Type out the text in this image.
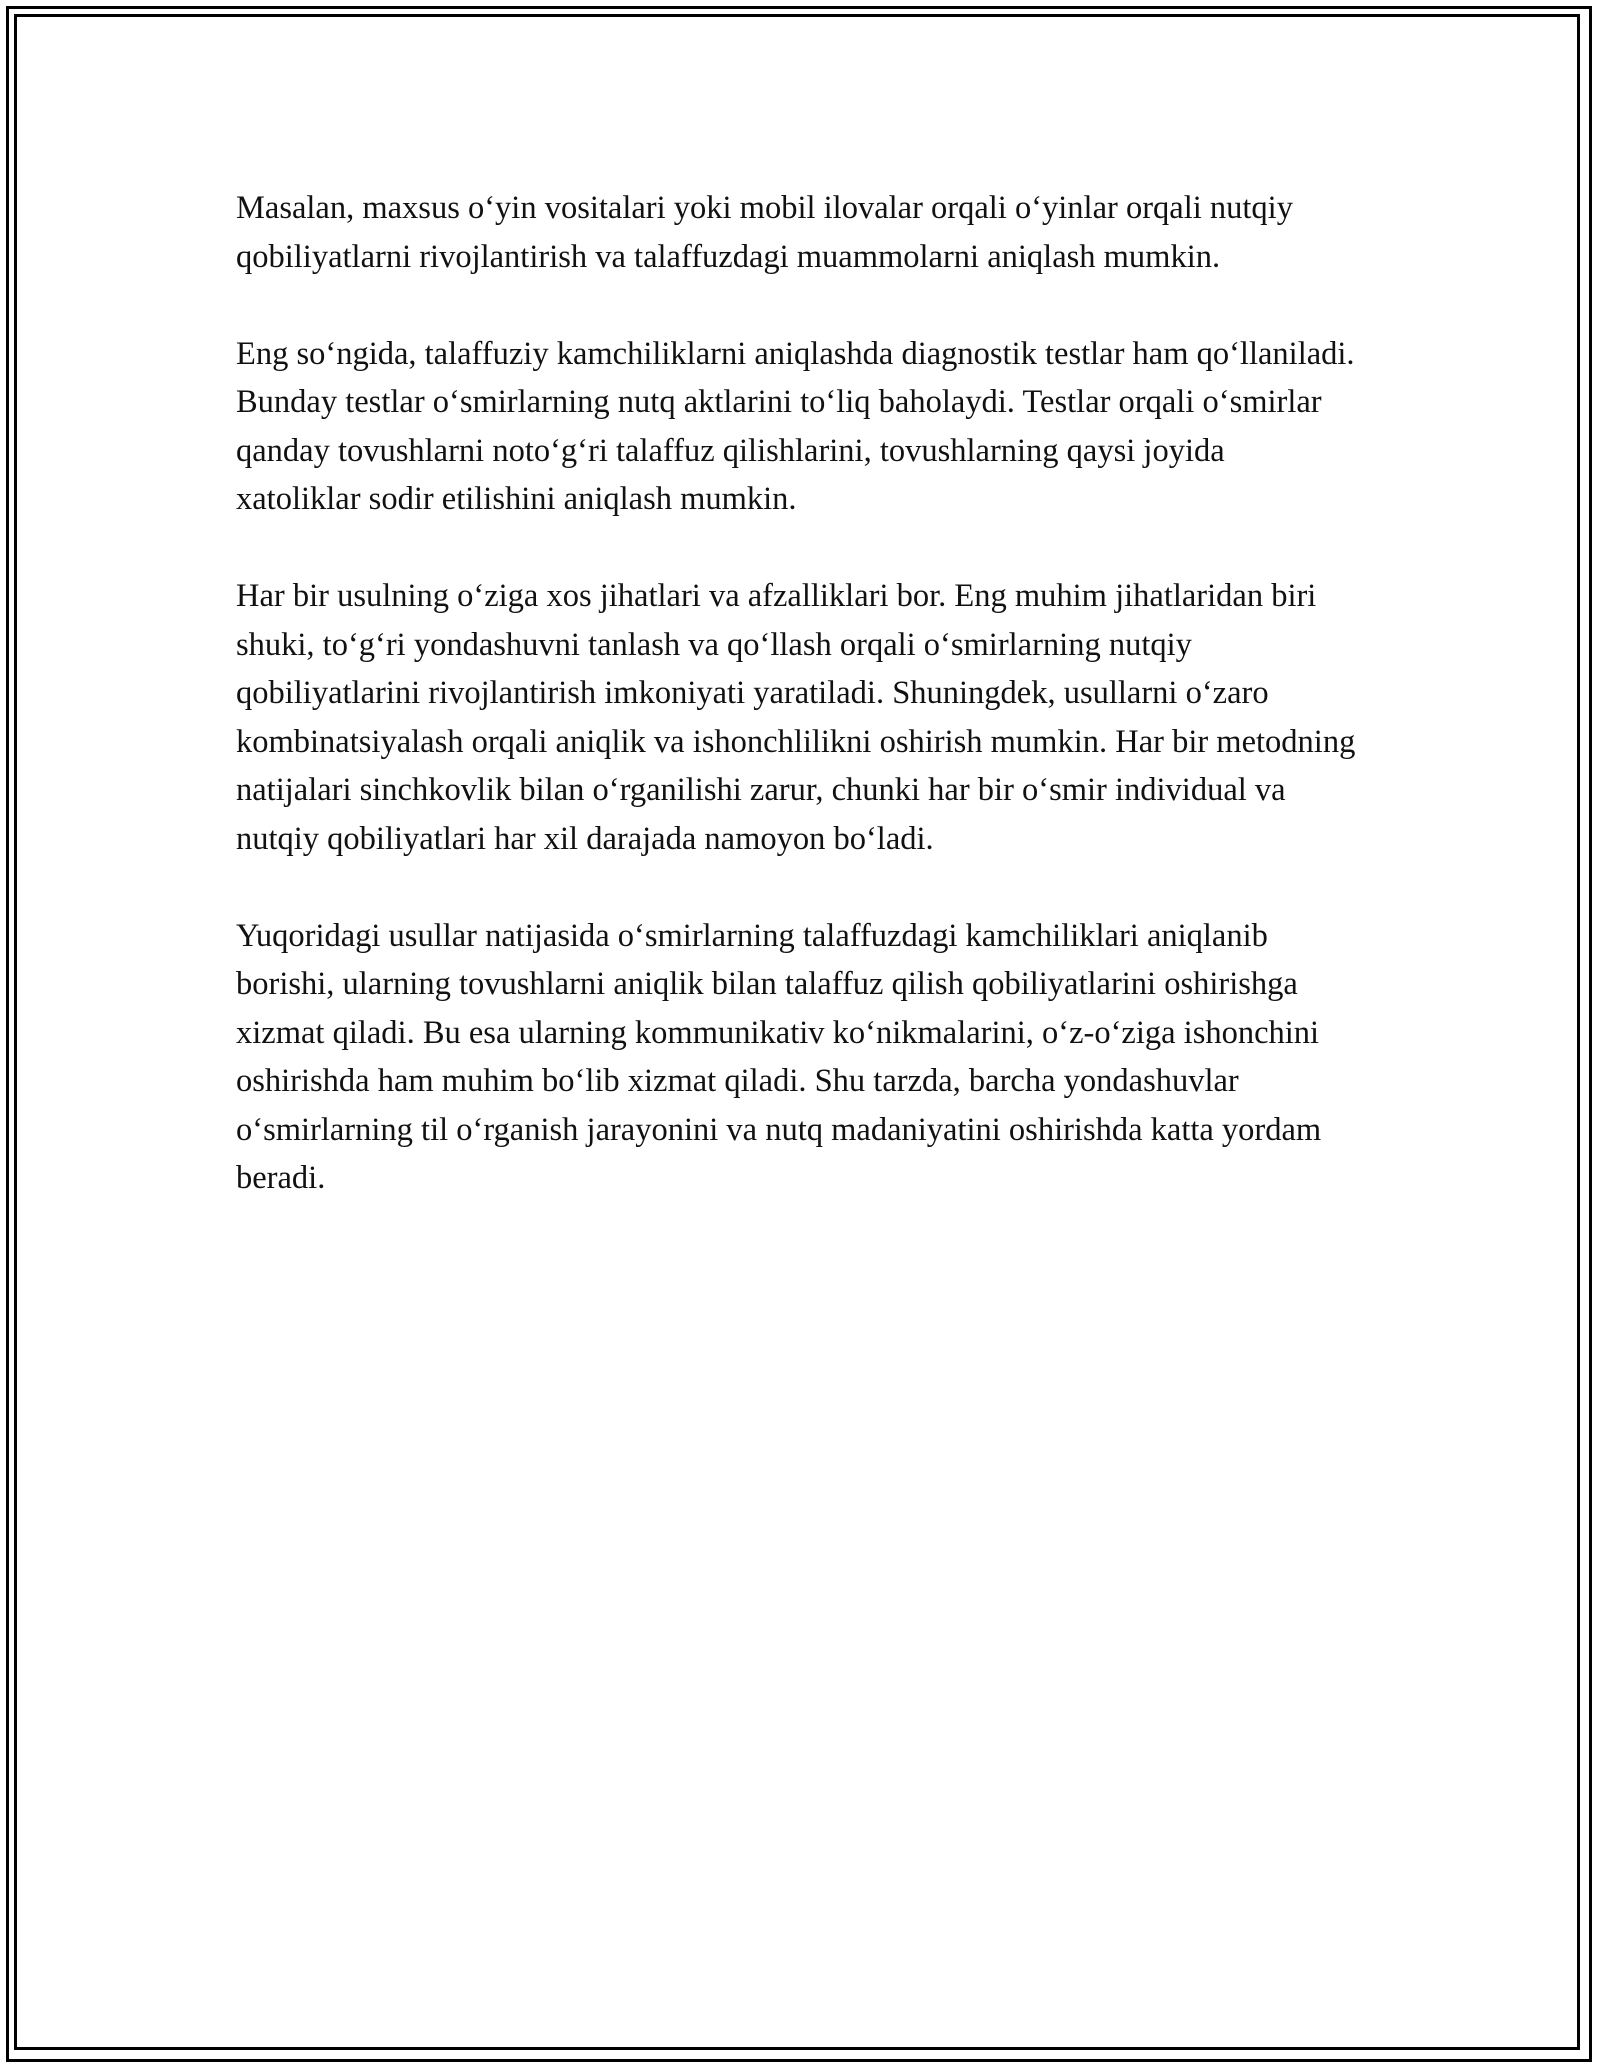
Masalan, maxsus o‘yin vositalari yoki mobil ilovalar orqali o‘yinlar orqali nutqiy qobiliyatlarni rivojlantirish va talaffuzdagi muammolarni aniqlash mumkin.

Eng so‘ngida, talaffuziy kamchiliklarni aniqlashda diagnostik testlar ham qo‘llaniladi. Bunday testlar o‘smirlarning nutq aktlarini to‘liq baholaydi. Testlar orqali o‘smirlar qanday tovushlarni noto‘g‘ri talaffuz qilishlarini, tovushlarning qaysi joyida xatoliklar sodir etilishini aniqlash mumkin.

Har bir usulning o‘ziga xos jihatlari va afzalliklari bor. Eng muhim jihatlaridan biri shuki, to‘g‘ri yondashuvni tanlash va qo‘llash orqali o‘smirlarning nutqiy qobiliyatlarini rivojlantirish imkoniyati yaratiladi. Shuningdek, usullarni o‘zaro kombinatsiyalash orqali aniqlik va ishonchlilikni oshirish mumkin. Har bir metodning natijalari sinchkovlik bilan o‘rganilishi zarur, chunki har bir o‘smir individual va nutqiy qobiliyatlari har xil darajada namoyon bo‘ladi.

Yuqoridagi usullar natijasida o‘smirlarning talaffuzdagi kamchiliklari aniqlanib borishi, ularning tovushlarni aniqlik bilan talaffuz qilish qobiliyatlarini oshirishga xizmat qiladi. Bu esa ularning kommunikativ ko‘nikmalarini, o‘z-o‘ziga ishonchini oshirishda ham muhim bo‘lib xizmat qiladi. Shu tarzda, barcha yondashuvlar o‘smirlarning til o‘rganish jarayonini va nutq madaniyatini oshirishda katta yordam beradi.
